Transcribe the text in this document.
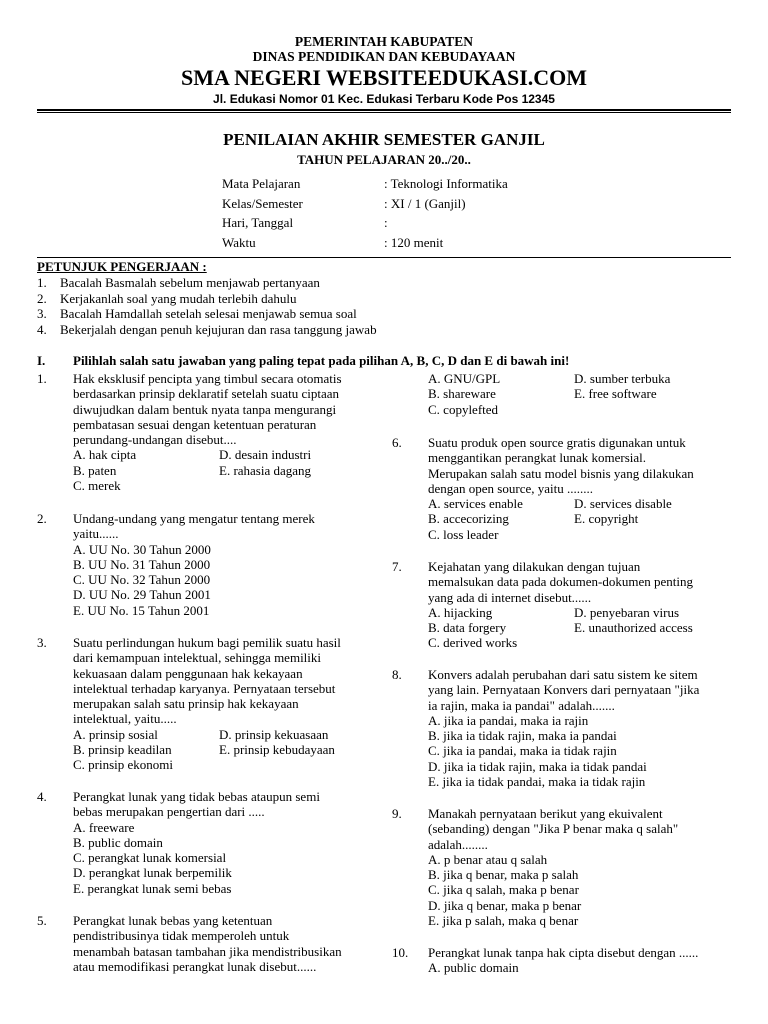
PEMERINTAH KABUPATEN
DINAS PENDIDIKAN DAN KEBUDAYAAN
SMA NEGERI WEBSITEEDUKASI.COM
Jl. Edukasi Nomor 01 Kec. Edukasi Terbaru Kode Pos 12345
PENILAIAN AKHIR SEMESTER GANJIL
TAHUN PELAJARAN 20../20..
Mata Pelajaran	: Teknologi Informatika
Kelas/Semester	: XI / 1 (Ganjil)
Hari, Tanggal	:
Waktu	: 120 menit
PETUNJUK PENGERJAAN :
1. Bacalah Basmalah sebelum menjawab pertanyaan
2. Kerjakanlah soal yang mudah terlebih dahulu
3. Bacalah Hamdallah setelah selesai menjawab semua soal
4. Bekerjalah dengan penuh kejujuran dan rasa tanggung jawab
I. Pilihlah salah satu jawaban yang paling tepat pada pilihan A, B, C, D dan E di bawah ini!
1. Hak eksklusif pencipta yang timbul secara otomatis
berdasarkan prinsip deklaratif setelah suatu ciptaan
diwujudkan dalam bentuk nyata tanpa mengurangi
pembatasan sesuai dengan ketentuan peraturan
perundang-undangan disebut....
A. hak cipta	D. desain industri
B. paten	E. rahasia dagang
C. merek
2. Undang-undang yang mengatur tentang merek
yaitu......
A. UU No. 30 Tahun 2000
B. UU No. 31 Tahun 2000
C. UU No. 32 Tahun 2000
D. UU No. 29 Tahun 2001
E. UU No. 15 Tahun 2001
3. Suatu perlindungan hukum bagi pemilik suatu hasil
dari kemampuan intelektual, sehingga memiliki
kekuasaan dalam penggunaan hak kekayaan
intelektual terhadap karyanya. Pernyataan tersebut
merupakan salah satu prinsip hak kekayaan
intelektual, yaitu.....
A. prinsip sosial	D. prinsip kekuasaan
B. prinsip keadilan	E. prinsip kebudayaan
C. prinsip ekonomi
4. Perangkat lunak yang tidak bebas ataupun semi
bebas merupakan pengertian dari .....
A. freeware
B. public domain
C. perangkat lunak komersial
D. perangkat lunak berpemilik
E. perangkat lunak semi bebas
5. Perangkat lunak bebas yang ketentuan
pendistribusinya tidak memperoleh untuk
menambah batasan tambahan jika mendistribusikan
atau memodifikasi perangkat lunak disebut......
A. GNU/GPL	D. sumber terbuka
B. shareware	E. free software
C. copylefted
6. Suatu produk open source gratis digunakan untuk
menggantikan perangkat lunak komersial.
Merupakan salah satu model bisnis yang dilakukan
dengan open source, yaitu ........
A. services enable	D. services disable
B. accecorizing	E. copyright
C. loss leader
7. Kejahatan yang dilakukan dengan tujuan
memalsukan data pada dokumen-dokumen penting
yang ada di internet disebut......
A. hijacking	D. penyebaran virus
B. data forgery	E. unauthorized access
C. derived works
8. Konvers adalah perubahan dari satu sistem ke sitem
yang lain. Pernyataan Konvers dari pernyataan "jika
ia rajin, maka ia pandai" adalah.......
A. jika ia pandai, maka ia rajin
B. jika ia tidak rajin, maka ia pandai
C. jika ia pandai, maka ia tidak rajin
D. jika ia tidak rajin, maka ia tidak pandai
E. jika ia tidak pandai, maka ia tidak rajin
9. Manakah pernyataan berikut yang ekuivalent
(sebanding) dengan "Jika P benar maka q salah"
adalah........
A. p benar atau q salah
B. jika q benar, maka p salah
C. jika q salah, maka p benar
D. jika q benar, maka p benar
E. jika p salah, maka q benar
10. Perangkat lunak tanpa hak cipta disebut dengan ......
A. public domain
